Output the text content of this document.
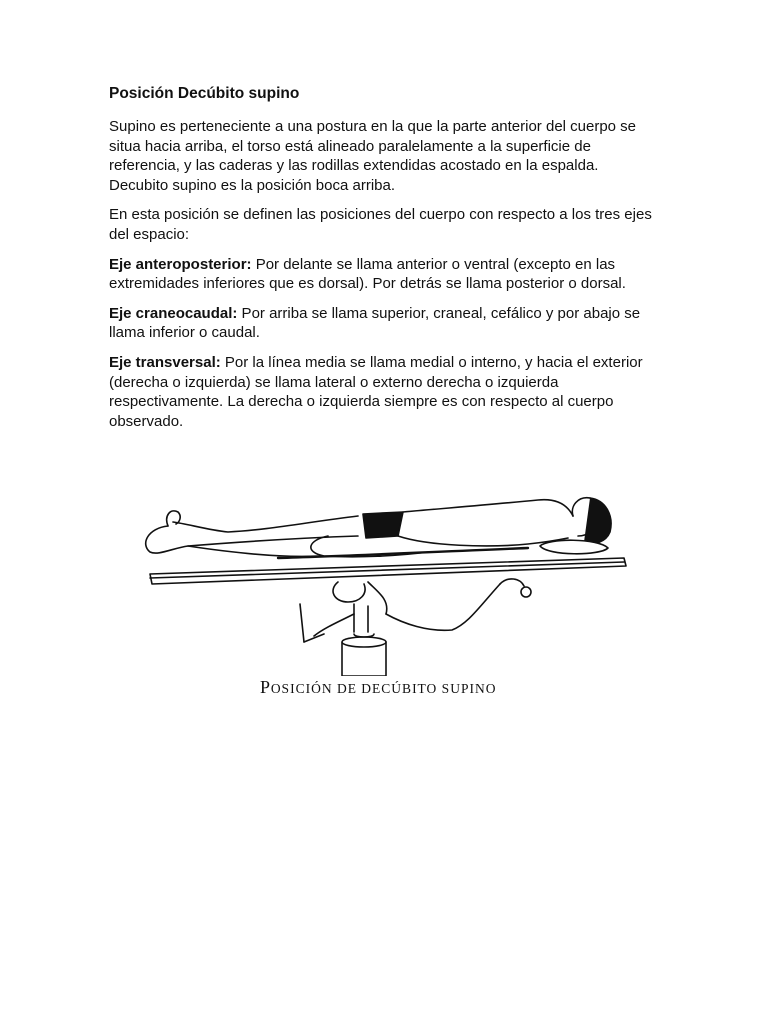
Posición Decúbito supino

Supino es perteneciente a una postura en la que la parte anterior del cuerpo se situa hacia arriba, el torso está alineado paralelamente a la superficie de referencia, y las caderas y las rodillas extendidas acostado en la espalda. Decubito supino es la posición boca arriba.

En esta posición se definen las posiciones del cuerpo con respecto a los tres ejes del espacio:

Eje anteroposterior: Por delante se llama anterior o ventral (excepto en las extremidades inferiores que es dorsal). Por detrás se llama posterior o dorsal.

Eje craneocaudal: Por arriba se llama superior, craneal, cefálico y por abajo se llama inferior o caudal.

Eje transversal: Por la línea media se llama medial o interno, y hacia el exterior (derecha o izquierda) se llama lateral o externo derecha o izquierda respectivamente. La derecha o izquierda siempre es con respecto al cuerpo observado.

POSICIÓN DE DECÚBITO SUPINO
